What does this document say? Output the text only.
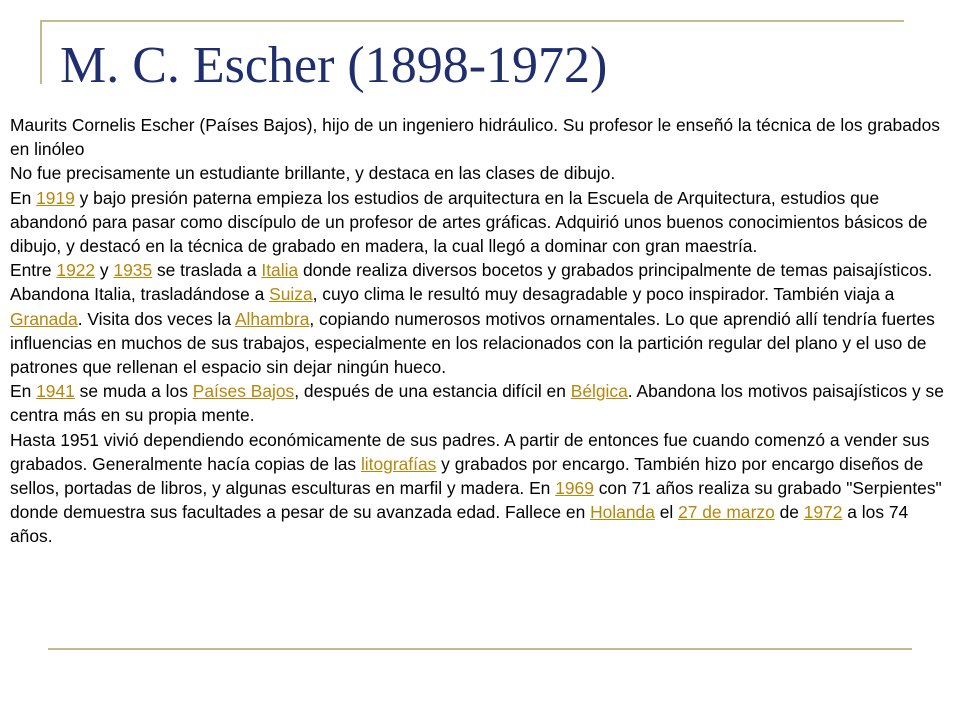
M. C. Escher (1898-1972)

Maurits Cornelis Escher (Países Bajos), hijo de un ingeniero hidráulico. Su profesor le enseñó la técnica de los grabados en linóleo

No fue precisamente un estudiante brillante, y destaca en las clases de dibujo.

En 1919 y bajo presión paterna empieza los estudios de arquitectura en la Escuela de Arquitectura, estudios que abandonó para pasar como discípulo de un profesor de artes gráficas. Adquirió unos buenos conocimientos básicos de dibujo, y destacó en la técnica de grabado en madera, la cual llegó a dominar con gran maestría.

Entre 1922 y 1935 se traslada a Italia donde realiza diversos bocetos y grabados principalmente de temas paisajísticos. Abandona Italia, trasladándose a Suiza, cuyo clima le resultó muy desagradable y poco inspirador. También viaja a Granada. Visita dos veces la Alhambra, copiando numerosos motivos ornamentales. Lo que aprendió allí tendría fuertes influencias en muchos de sus trabajos, especialmente en los relacionados con la partición regular del plano y el uso de patrones que rellenan el espacio sin dejar ningún hueco.

En 1941 se muda a los Países Bajos, después de una estancia difícil en Bélgica. Abandona los motivos paisajísticos y se centra más en su propia mente.

Hasta 1951 vivió dependiendo económicamente de sus padres. A partir de entonces fue cuando comenzó a vender sus grabados. Generalmente hacía copias de las litografías y grabados por encargo. También hizo por encargo diseños de sellos, portadas de libros, y algunas esculturas en marfil y madera. En 1969 con 71 años realiza su grabado "Serpientes" donde demuestra sus facultades a pesar de su avanzada edad. Fallece en Holanda el 27 de marzo de 1972 a los 74 años.
